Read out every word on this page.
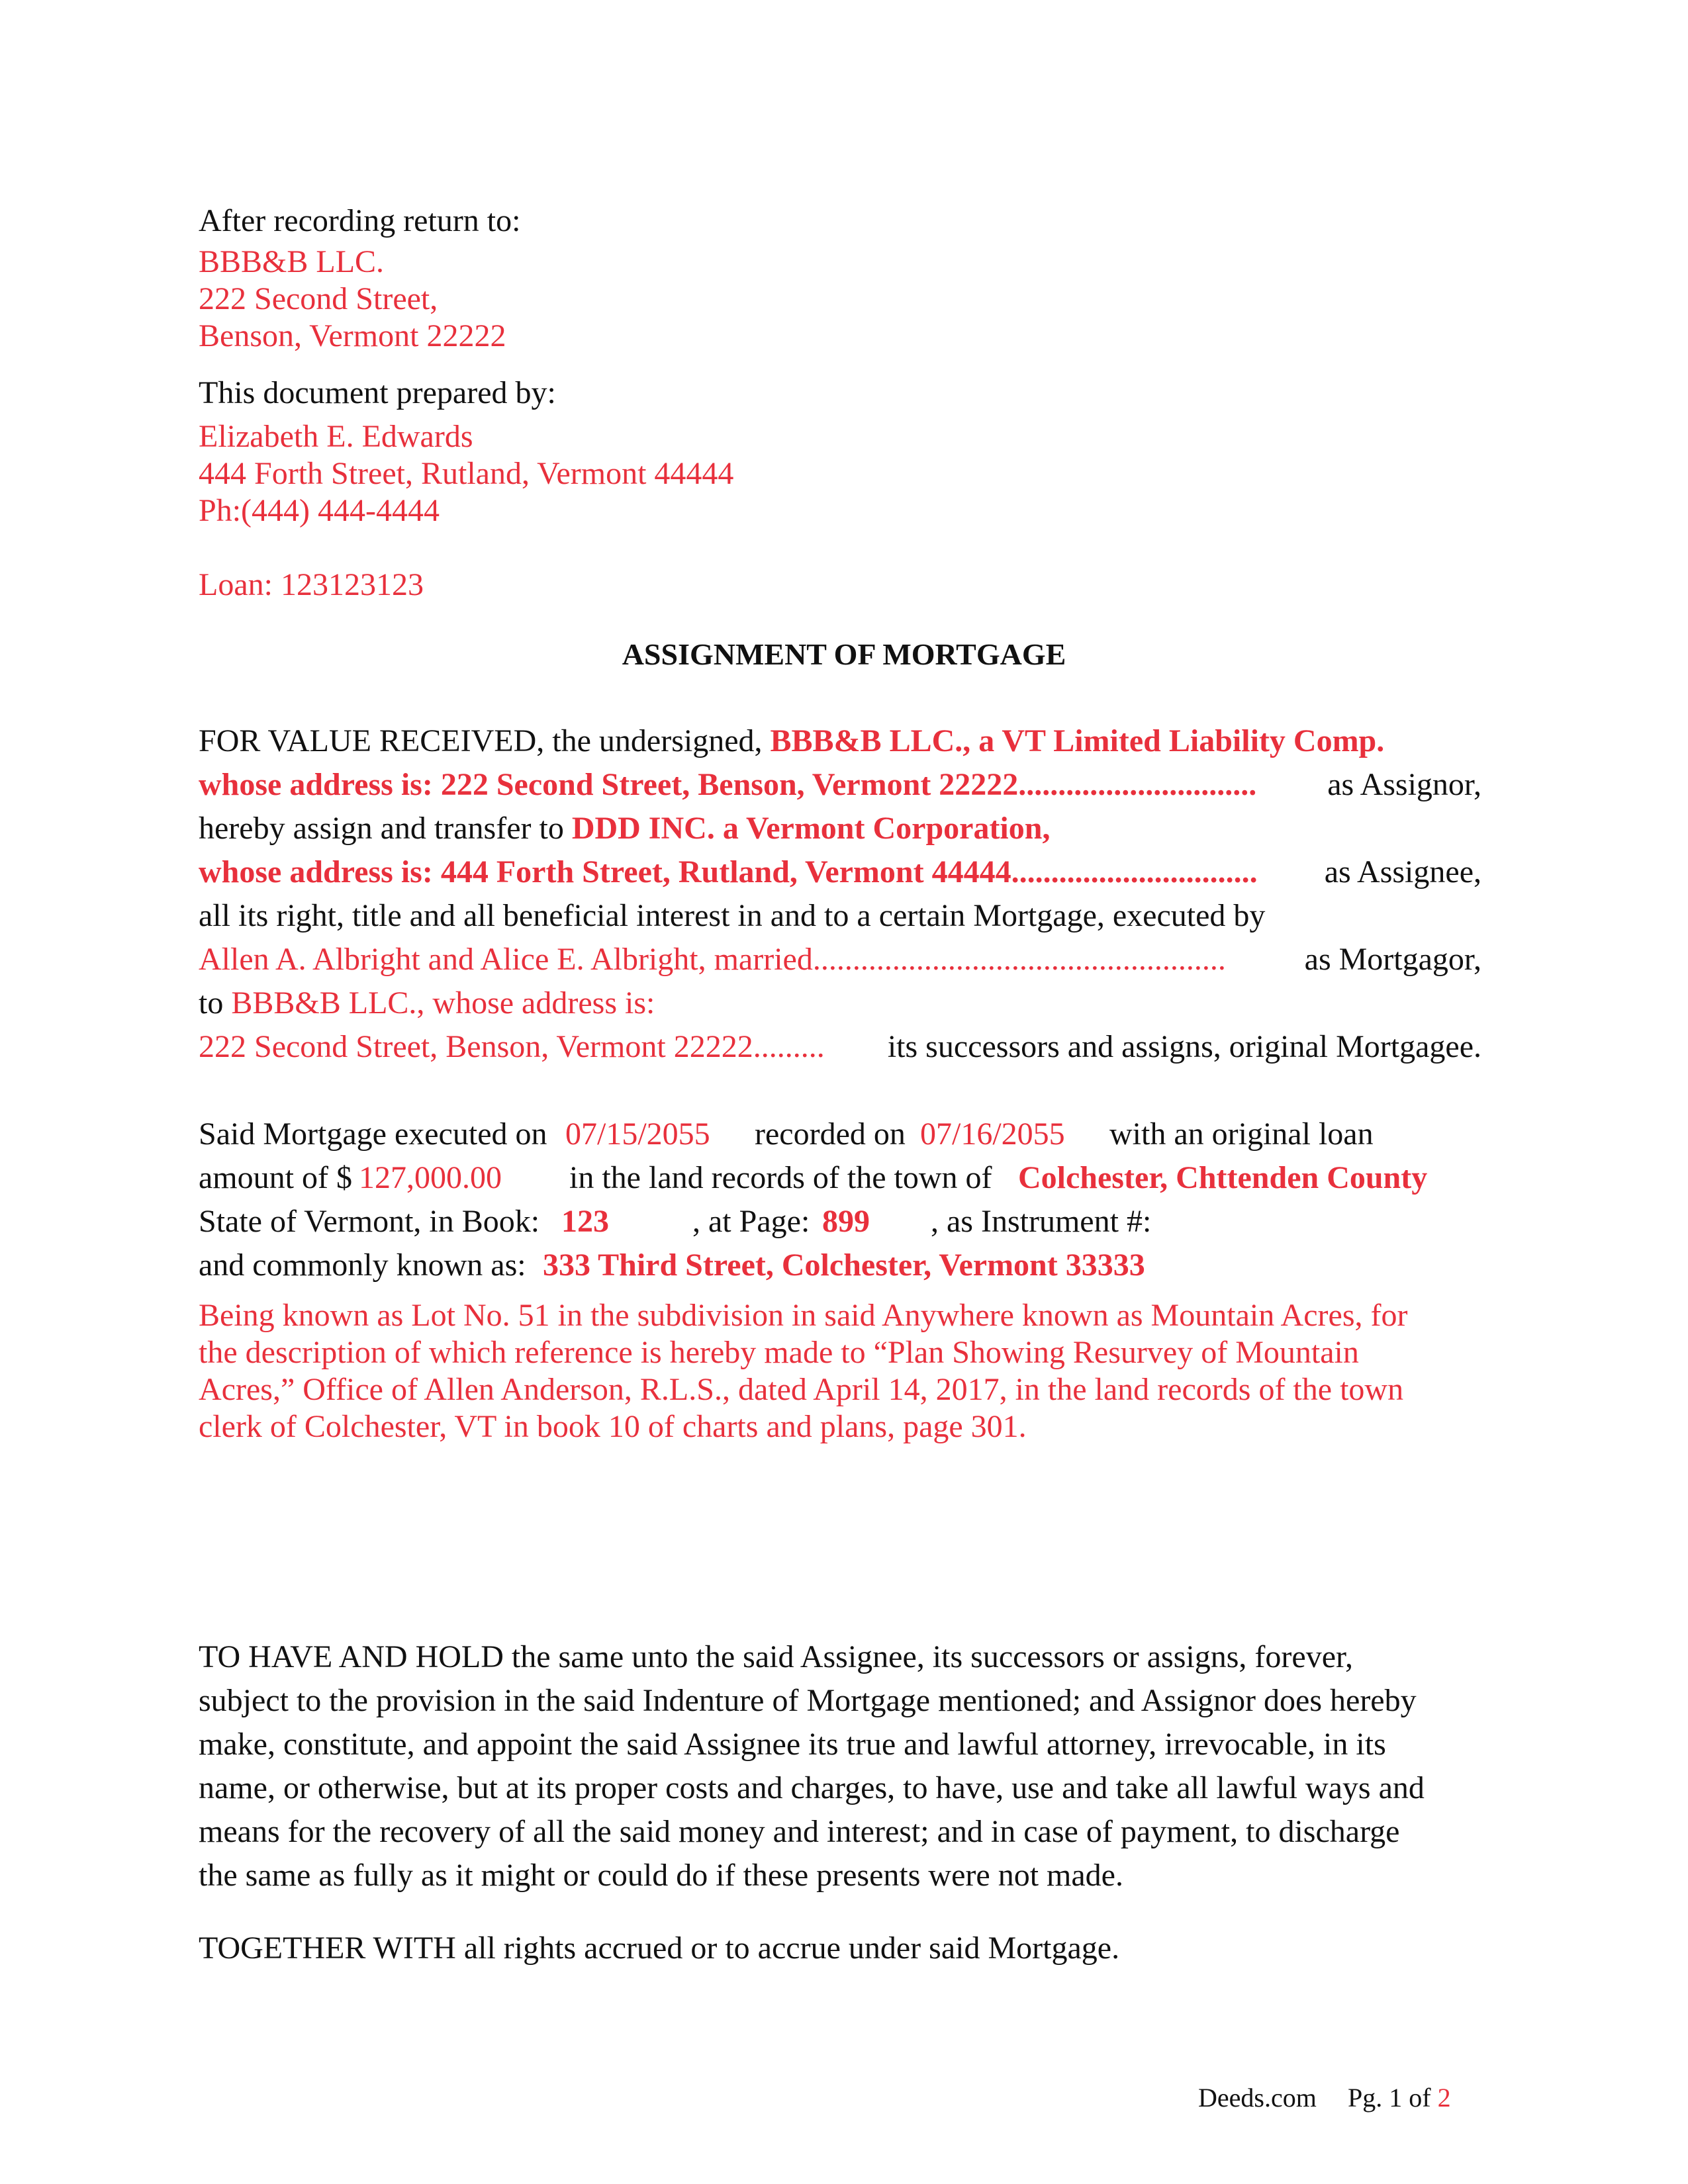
After recording return to:
BBB&B LLC.
222 Second Street,
Benson, Vermont 22222
This document prepared by:
Elizabeth E. Edwards
444 Forth Street, Rutland, Vermont 44444
Ph:(444) 444-4444
Loan: 123123123
ASSIGNMENT OF MORTGAGE
FOR VALUE RECEIVED, the undersigned, BBB&B LLC., a VT Limited Liability Comp.
whose address is: 222 Second Street, Benson, Vermont 22222.............................. as Assignor,
hereby assign and transfer to DDD INC. a Vermont Corporation,
whose address is: 444 Forth Street, Rutland, Vermont 44444............................... as Assignee,
all its right, title and all beneficial interest in and to a certain Mortgage, executed by
Allen A. Albright and Alice E. Albright, married.................................................... as Mortgagor,
to BBB&B LLC., whose address is:
222 Second Street, Benson, Vermont 22222......... its successors and assigns, original Mortgagee.
Said Mortgage executed on 07/15/2055 recorded on 07/16/2055 with an original loan
amount of $ 127,000.00 in the land records of the town of Colchester, Chttenden County
State of Vermont, in Book: 123	, at Page: 899 , as Instrument #:
and commonly known as: 333 Third Street, Colchester, Vermont 33333
Being known as Lot No. 51 in the subdivision in said Anywhere known as Mountain Acres, for
the description of which reference is hereby made to “Plan Showing Resurvey of Mountain
Acres,” Office of Allen Anderson, R.L.S., dated April 14, 2017, in the land records of the town
clerk of Colchester, VT in book 10 of charts and plans, page 301.
TO HAVE AND HOLD the same unto the said Assignee, its successors or assigns, forever,
subject to the provision in the said Indenture of Mortgage mentioned; and Assignor does hereby
make, constitute, and appoint the said Assignee its true and lawful attorney, irrevocable, in its
name, or otherwise, but at its proper costs and charges, to have, use and take all lawful ways and
means for the recovery of all the said money and interest; and in case of payment, to discharge
the same as fully as it might or could do if these presents were not made.
TOGETHER WITH all rights accrued or to accrue under said Mortgage.
Deeds.com Pg. 1 of 2
